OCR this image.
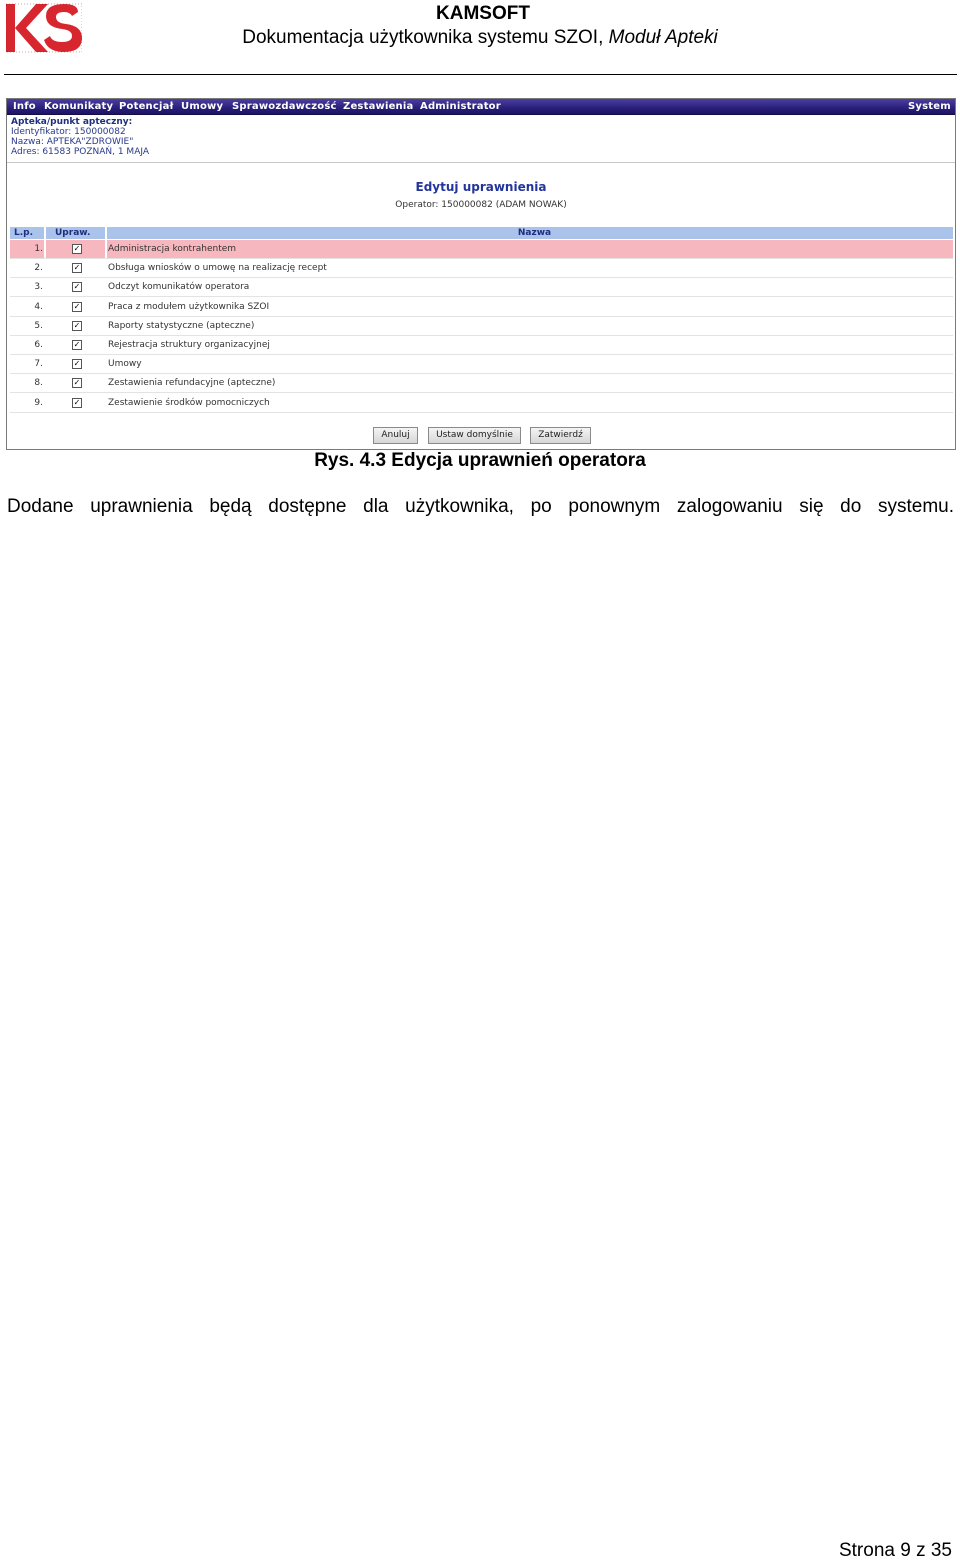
KAMSOFT
Dokumentacja użytkownika systemu SZOI, Moduł Apteki
Info Komunikaty Potencjał Umowy Sprawozdawczość Zestawienia Administrator	System
Apteka/punkt apteczny:
Identyfikator: 150000082
Nazwa: APTEKA"ZDROWIE"
Adres: 61583 POZNAŃ, 1 MAJA
Edytuj uprawnienia
Operator: 150000082 (ADAM NOWAK)
L.p. Upraw.	Nazwa
1.	✓	Administracja kontrahentem
2.	✓	Obsługa wniosków o umowę na realizację recept
3.	✓	Odczyt komunikatów operatora
4.	✓	Praca z modułem użytkownika SZOI
5.	✓	Raporty statystyczne (apteczne)
6.	✓	Rejestracja struktury organizacyjnej
7.	✓	Umowy
8.	✓	Zestawienia refundacyjne (apteczne)
9.	✓	Zestawienie środków pomocniczych
Anuluj	Ustaw domyślnie	Zatwierdź
Rys. 4.3 Edycja uprawnień operatora
Dodane uprawnienia będą dostępne dla użytkownika, po ponownym zalogowaniu się do systemu.
Strona 9 z 35
